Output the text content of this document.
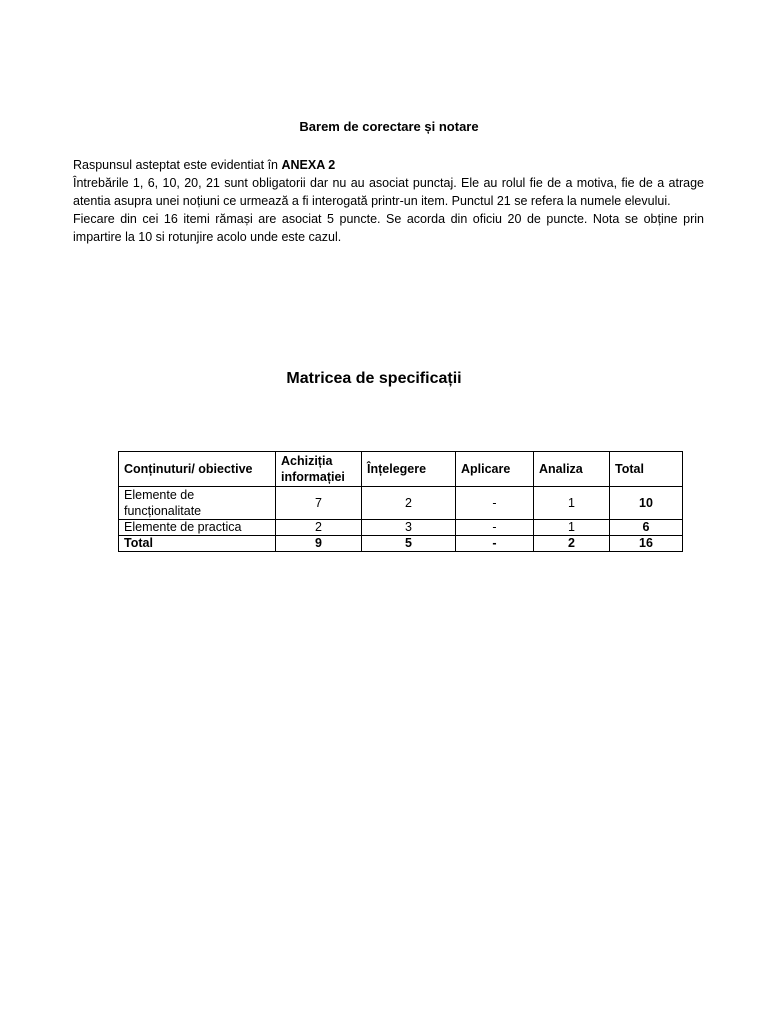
Barem de corectare și notare

Raspunsul asteptat este evidentiat în ANEXA 2

Întrebările 1, 6, 10, 20, 21 sunt obligatorii dar nu au asociat punctaj. Ele au rolul fie de a motiva, fie de a atrage atentia asupra unei noțiuni ce urmează a fi interogată printr-un item. Punctul 21 se refera la numele elevului.

Fiecare din cei 16 itemi rămași are asociat 5 puncte. Se acorda din oficiu 20 de puncte. Nota se obține prin impartire la 10 si rotunjire acolo unde este cazul.

Matricea de specificații
Conținuturi/ obiective	Achiziția informației	Înțelegere	Aplicare	Analiza	Total
Elemente de funcționalitate	7	2	-	1	10
Elemente de practica	2	3	-	1	6
Total	9	5	-	2	16
